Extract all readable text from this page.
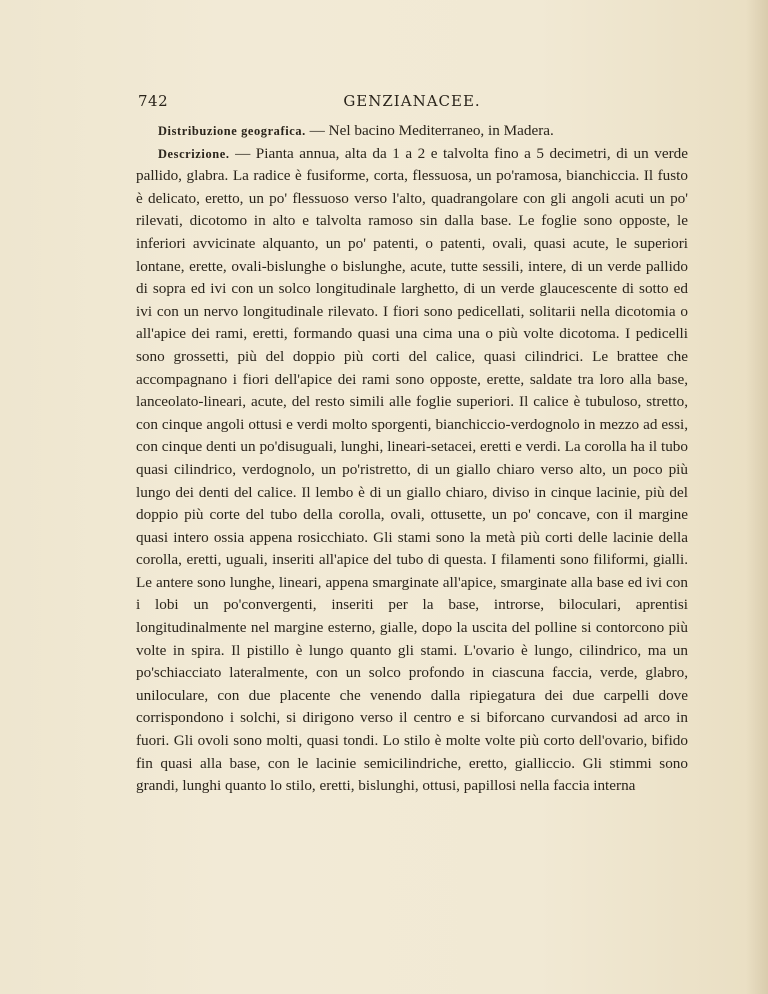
742	GENZIANACEE.

Distribuzione geografica. — Nel bacino Mediterraneo, in Madera.

Descrizione. — Pianta annua, alta da 1 a 2 e talvolta fino a 5 decimetri, di un verde pallido, glabra. La radice è fusiforme, corta, flessuosa, un po'ramosa, bianchiccia. Il fusto è delicato, eretto, un po' flessuoso verso l'alto, quadrangolare con gli angoli acuti un po' rilevati, dicotomo in alto e talvolta ramoso sin dalla base. Le foglie sono opposte, le inferiori avvicinate alquanto, un po' patenti, o patenti, ovali, quasi acute, le superiori lontane, erette, ovali-bislunghe o bislunghe, acute, tutte sessili, intere, di un verde pallido di sopra ed ivi con un solco longitudinale larghetto, di un verde glaucescente di sotto ed ivi con un nervo longitudinale rilevato. I fiori sono pedicellati, solitarii nella dicotomia o all'apice dei rami, eretti, formando quasi una cima una o più volte dicotoma. I pedicelli sono grossetti, più del doppio più corti del calice, quasi cilindrici. Le brattee che accompagnano i fiori dell'apice dei rami sono opposte, erette, saldate tra loro alla base, lanceolato-lineari, acute, del resto simili alle foglie superiori. Il calice è tubuloso, stretto, con cinque angoli ottusi e verdi molto sporgenti, bianchiccio-verdognolo in mezzo ad essi, con cinque denti un po'disuguali, lunghi, lineari-setacei, eretti e verdi. La corolla ha il tubo quasi cilindrico, verdognolo, un po'ristretto, di un giallo chiaro verso alto, un poco più lungo dei denti del calice. Il lembo è di un giallo chiaro, diviso in cinque lacinie, più del doppio più corte del tubo della corolla, ovali, ottusette, un po' concave, con il margine quasi intero ossia appena rosicchiato. Gli stami sono la metà più corti delle lacinie della corolla, eretti, uguali, inseriti all'apice del tubo di questa. I filamenti sono filiformi, gialli. Le antere sono lunghe, lineari, appena smarginate all'apice, smarginate alla base ed ivi con i lobi un po'convergenti, inseriti per la base, introrse, biloculari, aprentisi longitudinalmente nel margine esterno, gialle, dopo la uscita del polline si contorcono più volte in spira. Il pistillo è lungo quanto gli stami. L'ovario è lungo, cilindrico, ma un po'schiacciato lateralmente, con un solco profondo in ciascuna faccia, verde, glabro, uniloculare, con due placente che venendo dalla ripiegatura dei due carpelli dove corrispondono i solchi, si dirigono verso il centro e si biforcano curvandosi ad arco in fuori. Gli ovoli sono molti, quasi tondi. Lo stilo è molte volte più corto dell'ovario, bifido fin quasi alla base, con le lacinie semicilindriche, eretto, gialliccio. Gli stimmi sono grandi, lunghi quanto lo stilo, eretti, bislunghi, ottusi, papillosi nella faccia interna
